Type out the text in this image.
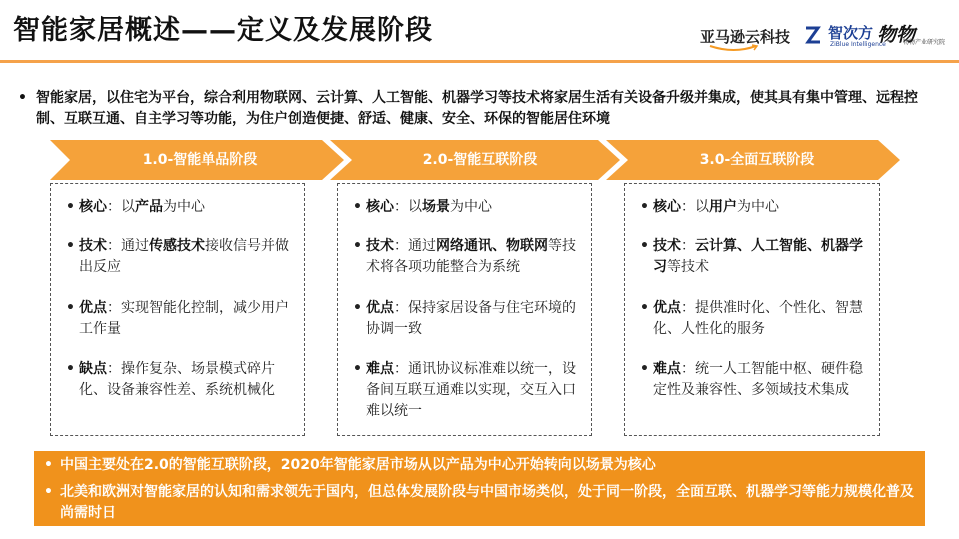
智能家居概述——定义及发展阶段	亚马逊云科技	智次方
ZiBlue Intelligence
物物
物物产业研究院
• 智能家居，以住宅为平台，综合利用物联网、云计算、人工智能、机器学习等技术将家居生活有关设备升级并集成，使其具有集中管理、远程控制、互联互通、自主学习等功能，为住户创造便捷、舒适、健康、安全、环保的智能居住环境
1.0-智能单品阶段	2.0-智能互联阶段	3.0-全面互联阶段
• 核心：以产品为中心
• 技术：通过传感技术接收信号并做出反应
• 优点：实现智能化控制，减少用户工作量
• 缺点：操作复杂、场景模式碎片化、设备兼容性差、系统机械化
• 核心：以场景为中心
• 技术：通过网络通讯、物联网等技术将各项功能整合为系统
• 优点：保持家居设备与住宅环境的协调一致
• 难点：通讯协议标准难以统一，设备间互联互通难以实现，交互入口难以统一
• 核心：以用户为中心
• 技术：云计算、人工智能、机器学习等技术
• 优点：提供准时化、个性化、智慧化、人性化的服务
• 难点：统一人工智能中枢、硬件稳定性及兼容性、多领域技术集成
• 中国主要处在2.0的智能互联阶段，2020年智能家居市场从以产品为中心开始转向以场景为核心
• 北美和欧洲对智能家居的认知和需求领先于国内，但总体发展阶段与中国市场类似，处于同一阶段，全面互联、机器学习等能力规模化普及尚需时日
